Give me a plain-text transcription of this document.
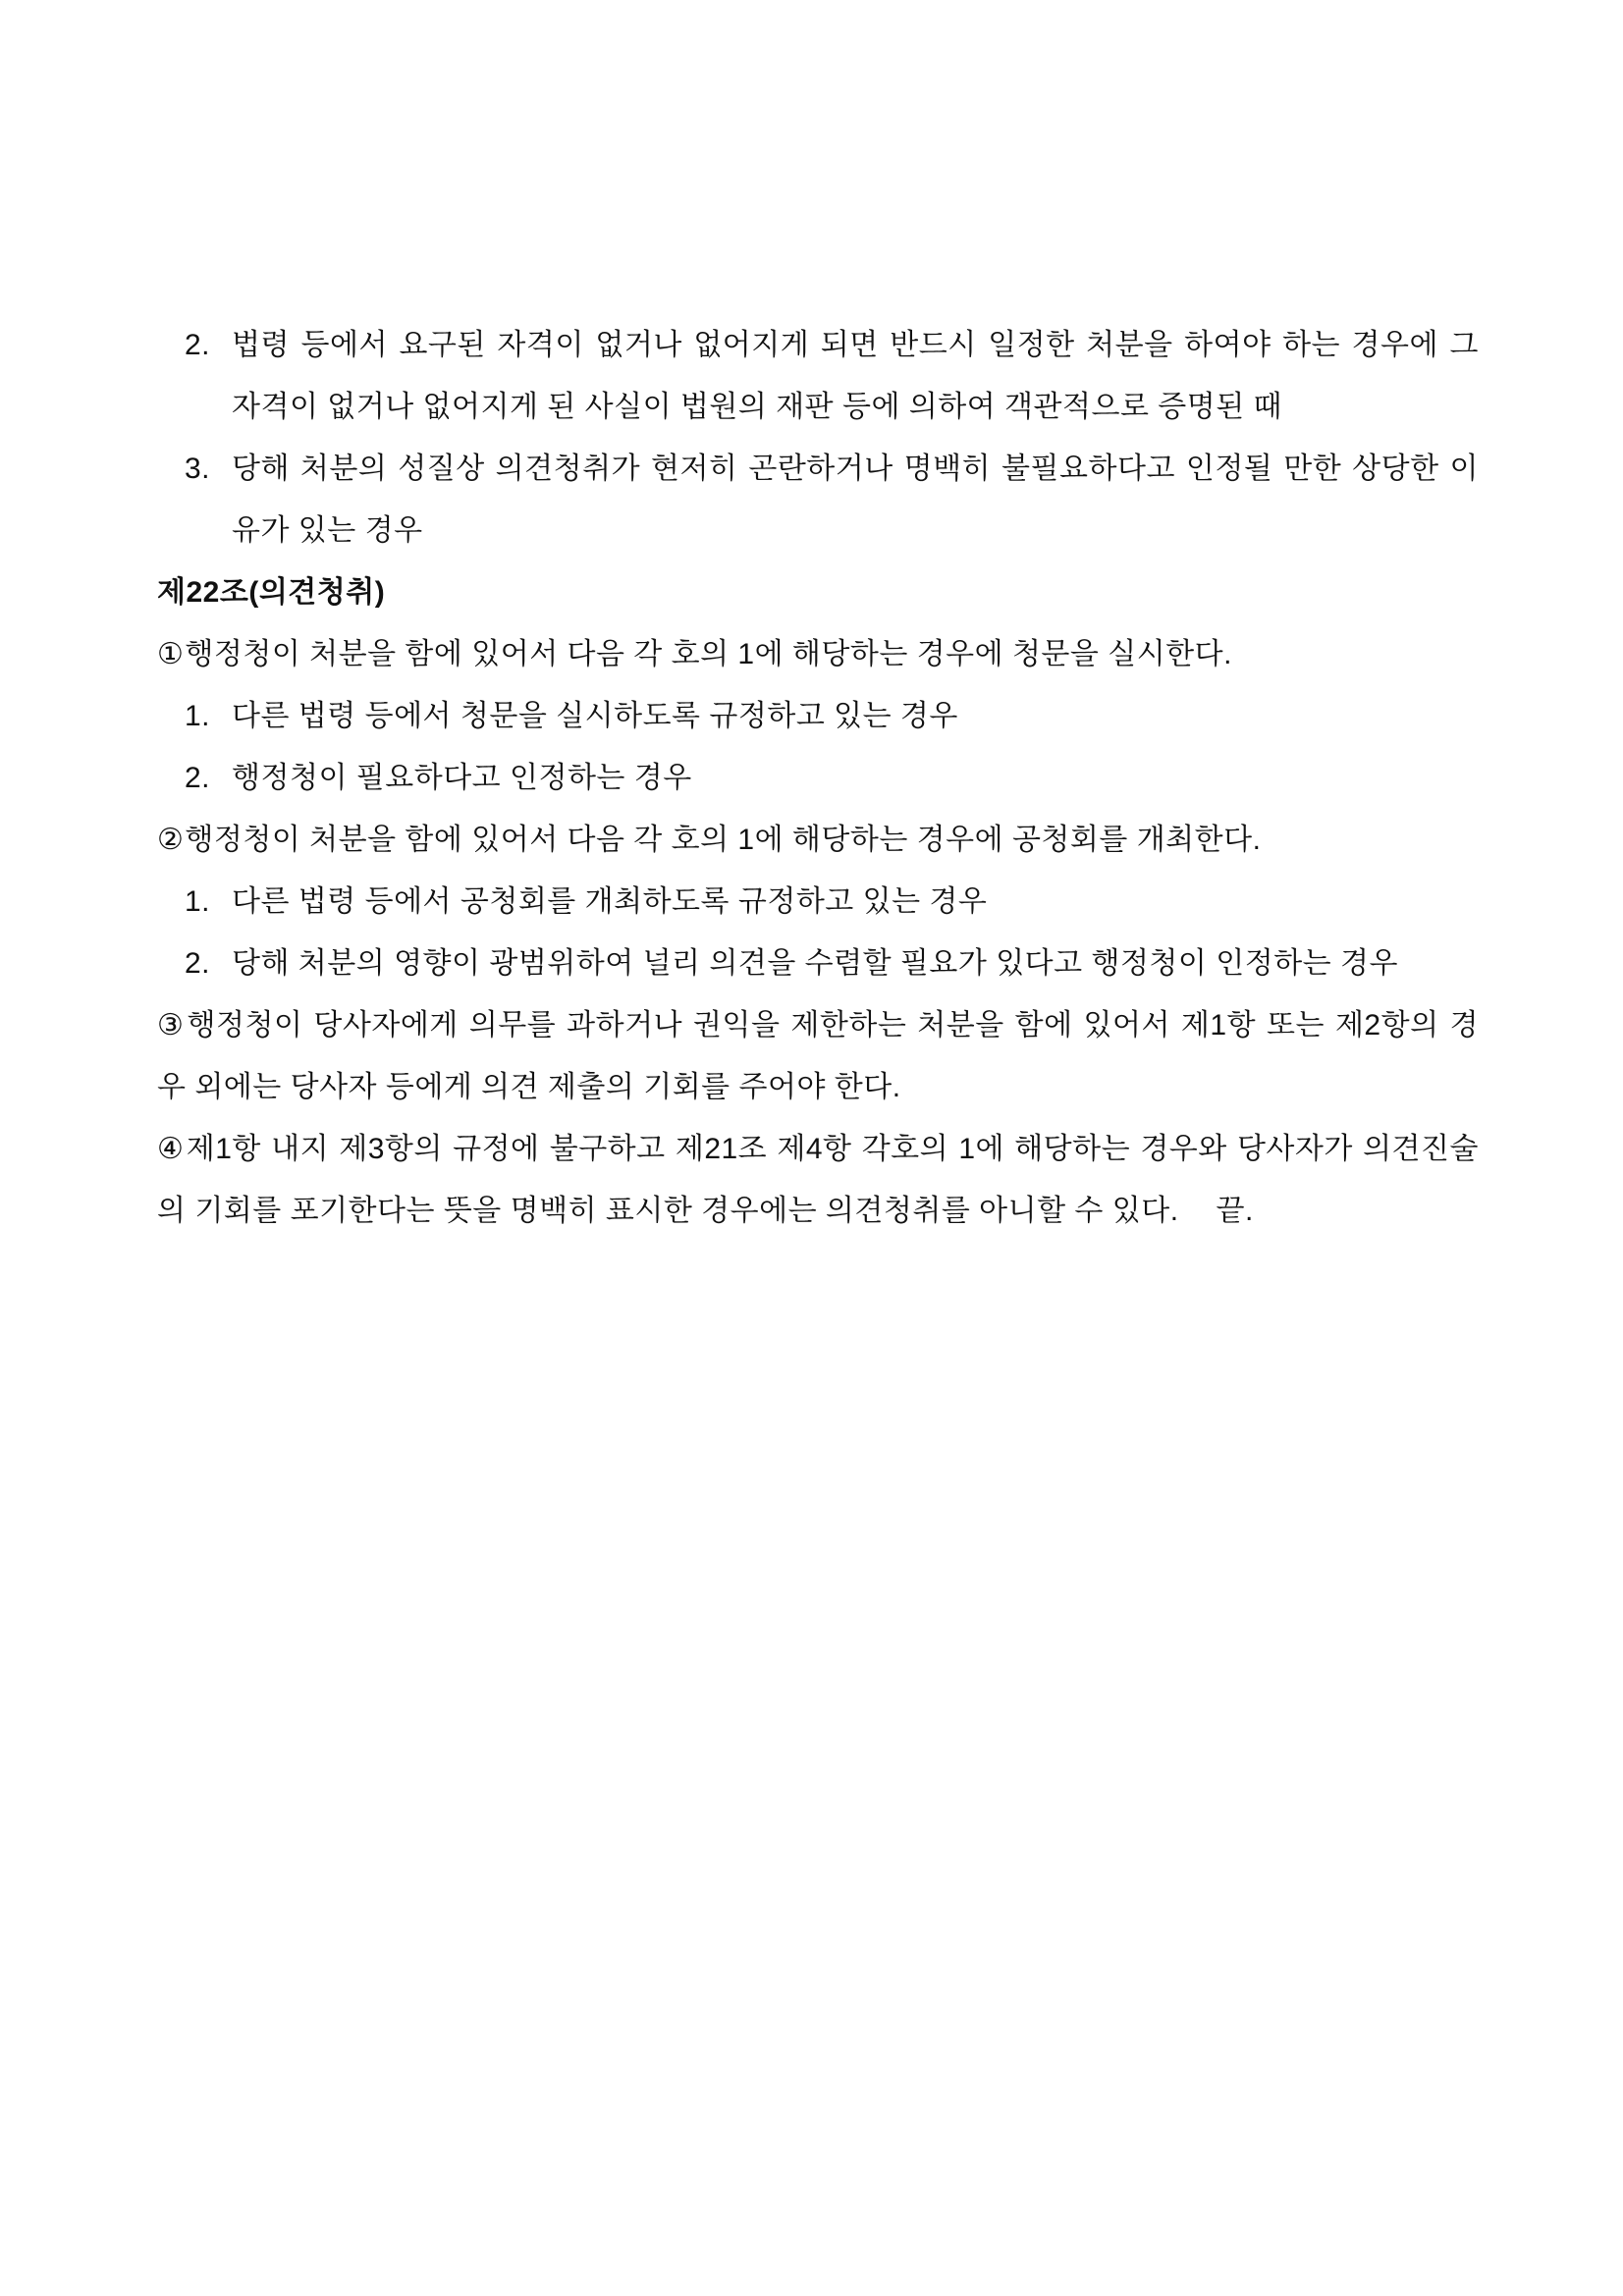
2. 법령 등에서 요구된 자격이 없거나 없어지게 되면 반드시 일정한 처분을 하여야 하는 경우에 그 자격이 없거나 없어지게 된 사실이 법원의 재판 등에 의하여 객관적으로 증명된 때

3. 당해 처분의 성질상 의견청취가 현저히 곤란하거나 명백히 불필요하다고 인정될 만한 상당한 이유가 있는 경우

제22조(의견청취)

①행정청이 처분을 함에 있어서 다음 각 호의 1에 해당하는 경우에 청문을 실시한다.

1. 다른 법령 등에서 청문을 실시하도록 규정하고 있는 경우

2. 행정청이 필요하다고 인정하는 경우

②행정청이 처분을 함에 있어서 다음 각 호의 1에 해당하는 경우에 공청회를 개최한다.

1. 다른 법령 등에서 공청회를 개최하도록 규정하고 있는 경우

2. 당해 처분의 영향이 광범위하여 널리 의견을 수렴할 필요가 있다고 행정청이 인정하는 경우

③행정청이 당사자에게 의무를 과하거나 권익을 제한하는 처분을 함에 있어서 제1항 또는 제2항의 경우 외에는 당사자 등에게 의견 제출의 기회를 주어야 한다.

④제1항 내지 제3항의 규정에 불구하고 제21조 제4항 각호의 1에 해당하는 경우와 당사자가 의견진술의 기회를 포기한다는 뜻을 명백히 표시한 경우에는 의견청취를 아니할 수 있다. 끝.
